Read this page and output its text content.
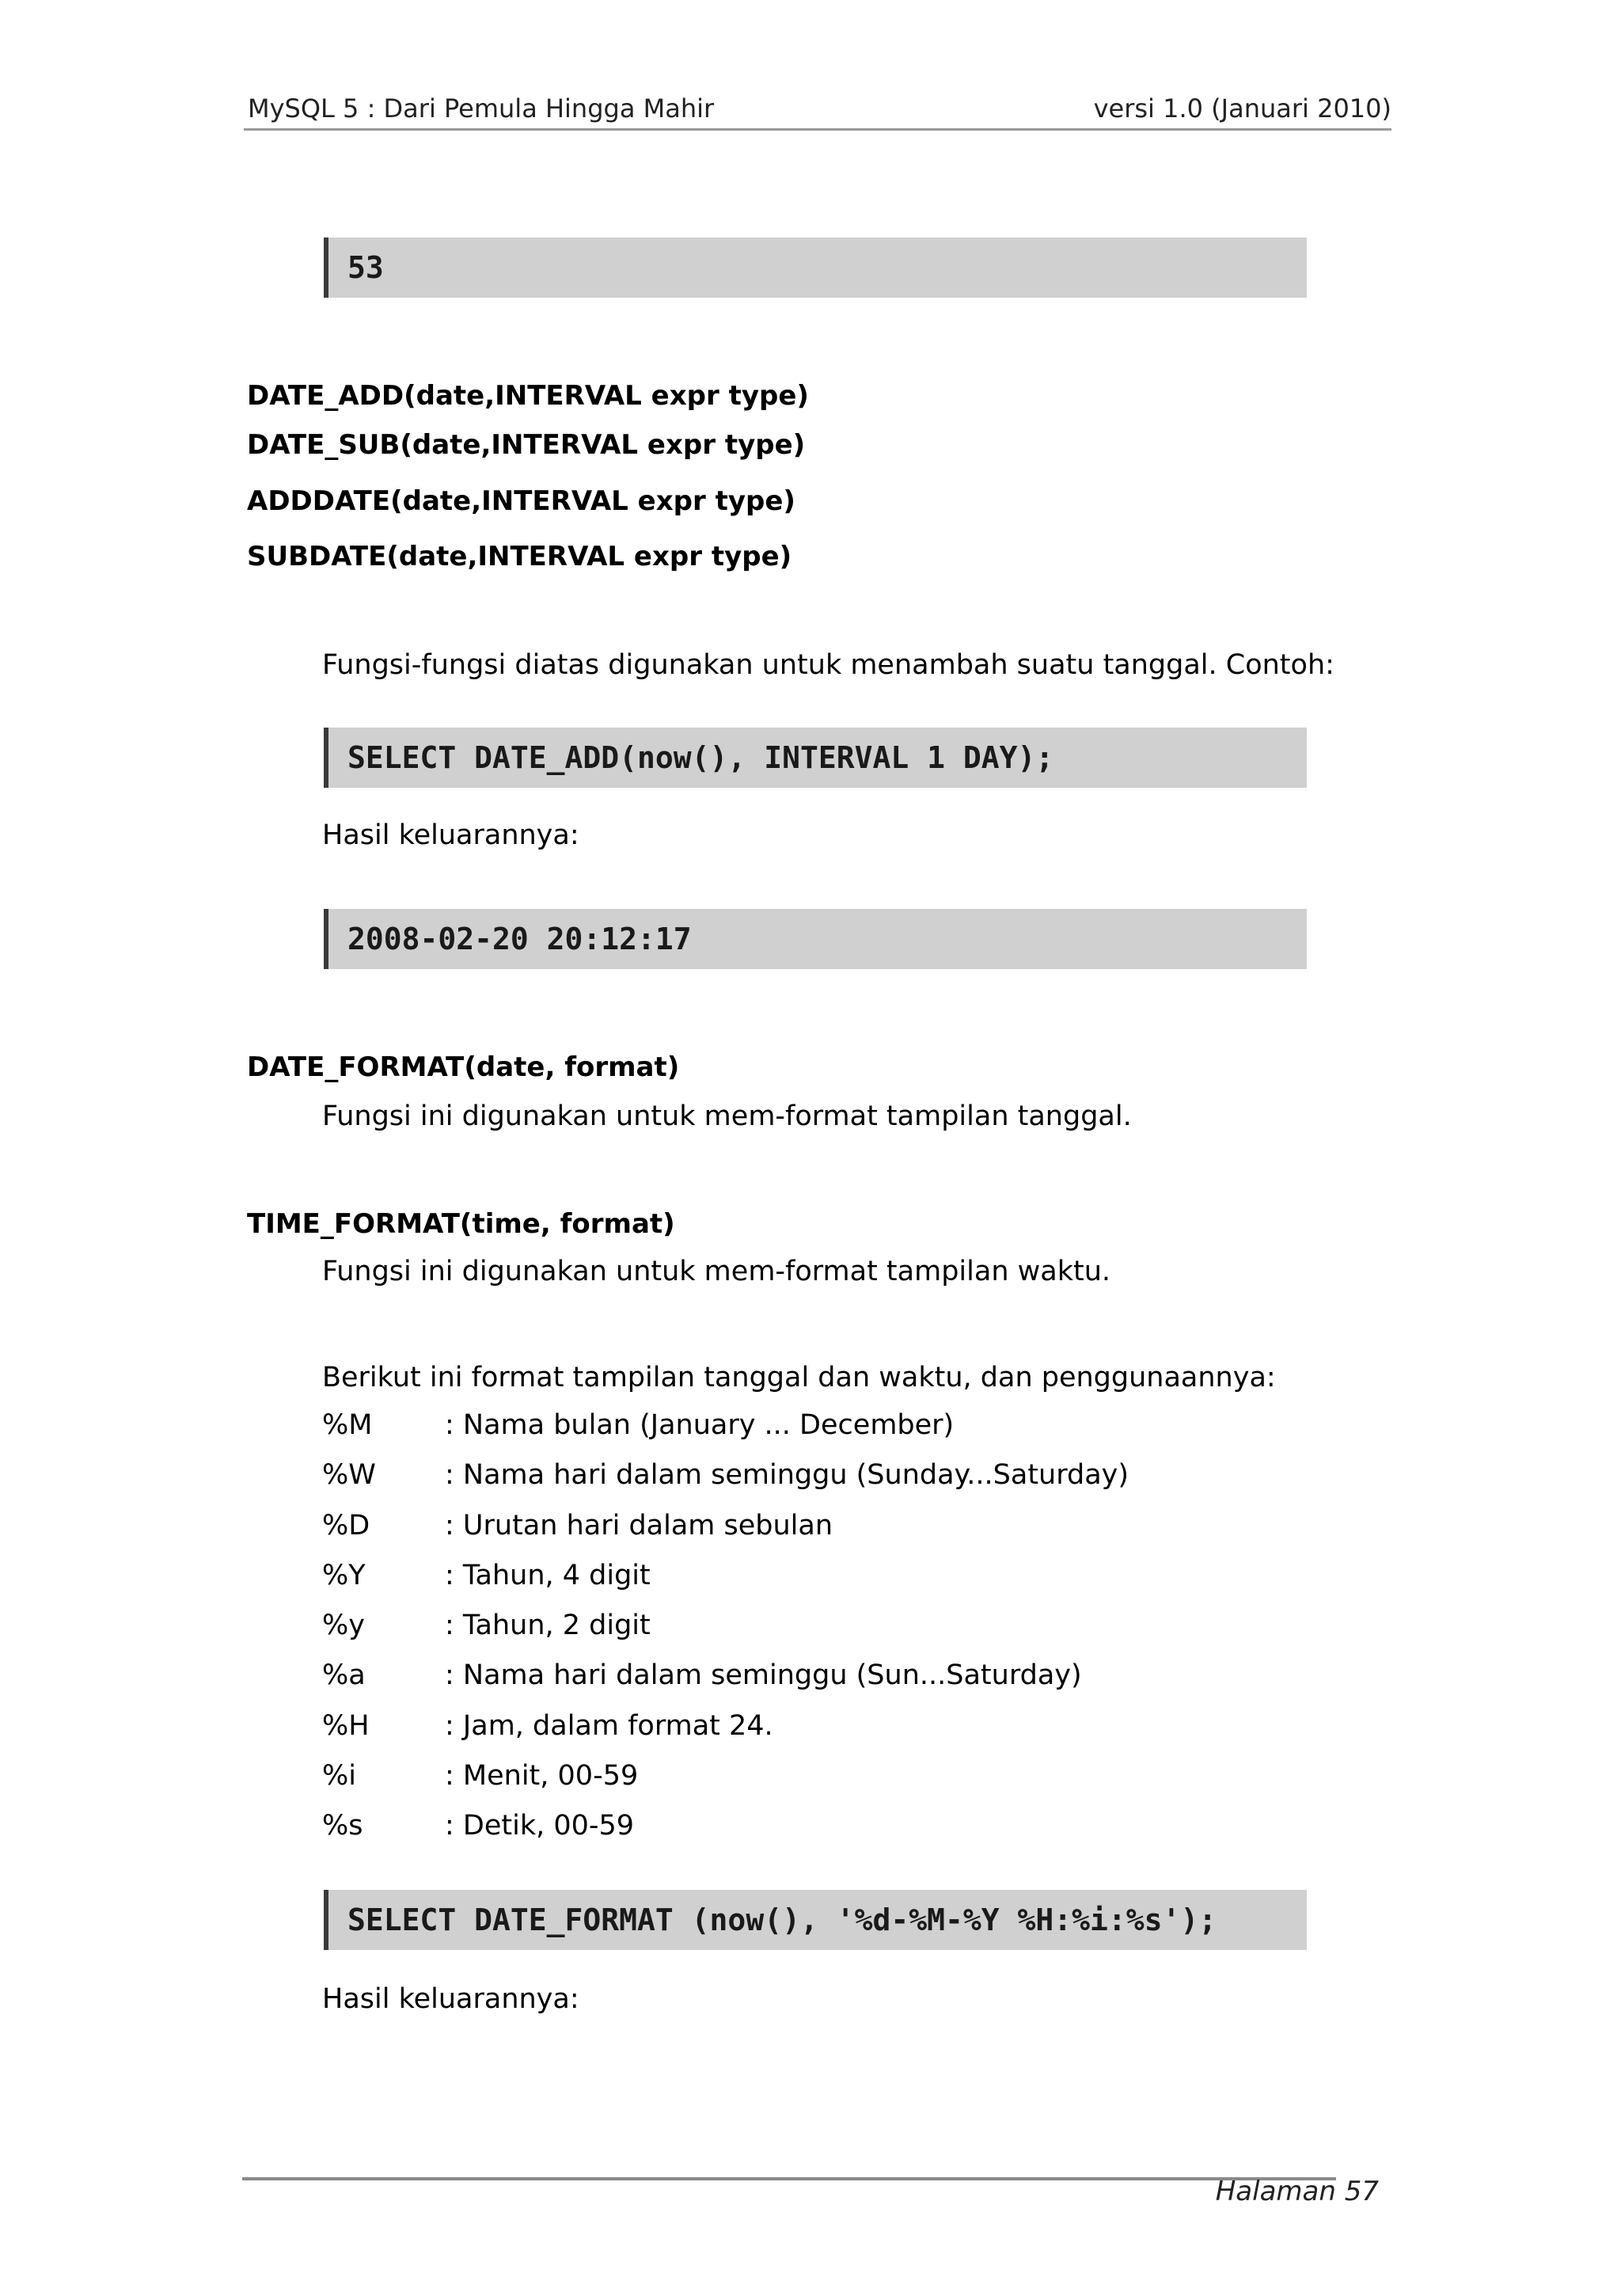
MySQL 5 : Dari Pemula Hingga Mahir	versi 1.0 (Januari 2010)
53
DATE_ADD(date,INTERVAL expr type)
DATE_SUB(date,INTERVAL expr type)
ADDDATE(date,INTERVAL expr type)
SUBDATE(date,INTERVAL expr type)
Fungsi-fungsi diatas digunakan untuk menambah suatu tanggal. Contoh:
SELECT DATE_ADD(now(), INTERVAL 1 DAY);
Hasil keluarannya:
2008-02-20 20:12:17
DATE_FORMAT(date, format)
Fungsi ini digunakan untuk mem-format tampilan tanggal.
TIME_FORMAT(time, format)
Fungsi ini digunakan untuk mem-format tampilan waktu.
Berikut ini format tampilan tanggal dan waktu, dan penggunaannya:
%M	: Nama bulan (January ... December)
%W : Nama hari dalam seminggu (Sunday...Saturday)
%D	: Urutan hari dalam sebulan
%Y	: Tahun, 4 digit
%y	: Tahun, 2 digit
%a	: Nama hari dalam seminggu (Sun...Saturday)
%H	: Jam, dalam format 24.
%i	: Menit, 00-59
%s	: Detik, 00-59
SELECT DATE_FORMAT (now(), '%d-%M-%Y %H:%i:%s');
Hasil keluarannya:
Halaman 57
